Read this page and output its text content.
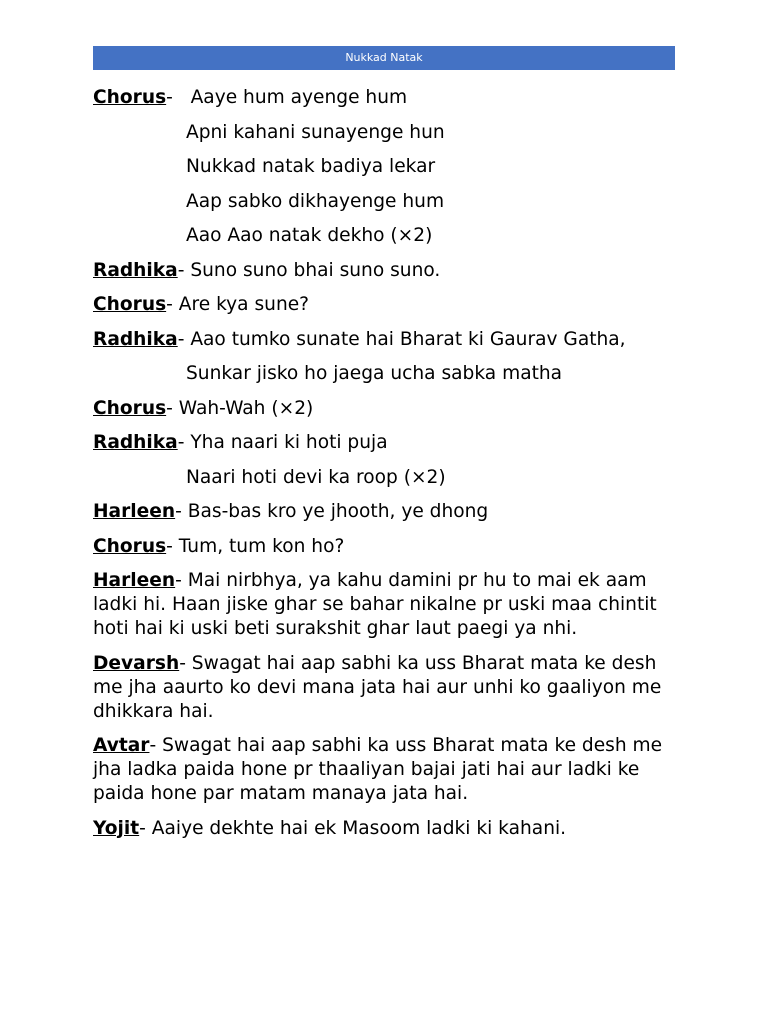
Nukkad Natak

Chorus-   Aaye hum ayenge hum

Apni kahani sunayenge hun

Nukkad natak badiya lekar

Aap sabko dikhayenge hum

Aao Aao natak dekho (×2)

Radhika- Suno suno bhai suno suno.

Chorus- Are kya sune?

Radhika- Aao tumko sunate hai Bharat ki Gaurav Gatha,

Sunkar jisko ho jaega ucha sabka matha

Chorus- Wah-Wah (×2)

Radhika- Yha naari ki hoti puja

Naari hoti devi ka roop (×2)

Harleen- Bas-bas kro ye jhooth, ye dhong

Chorus- Tum, tum kon ho?

Harleen- Mai nirbhya, ya kahu damini pr hu to mai ek aam ladki hi. Haan jiske ghar se bahar nikalne pr uski maa chintit hoti hai ki uski beti surakshit ghar laut paegi ya nhi.

Devarsh- Swagat hai aap sabhi ka uss Bharat mata ke desh me jha aaurto ko devi mana jata hai aur unhi ko gaaliyon me dhikkara hai.

Avtar- Swagat hai aap sabhi ka uss Bharat mata ke desh me jha ladka paida hone pr thaaliyan bajai jati hai aur ladki ke paida hone par matam manaya jata hai.

Yojit- Aaiye dekhte hai ek Masoom ladki ki kahani.
